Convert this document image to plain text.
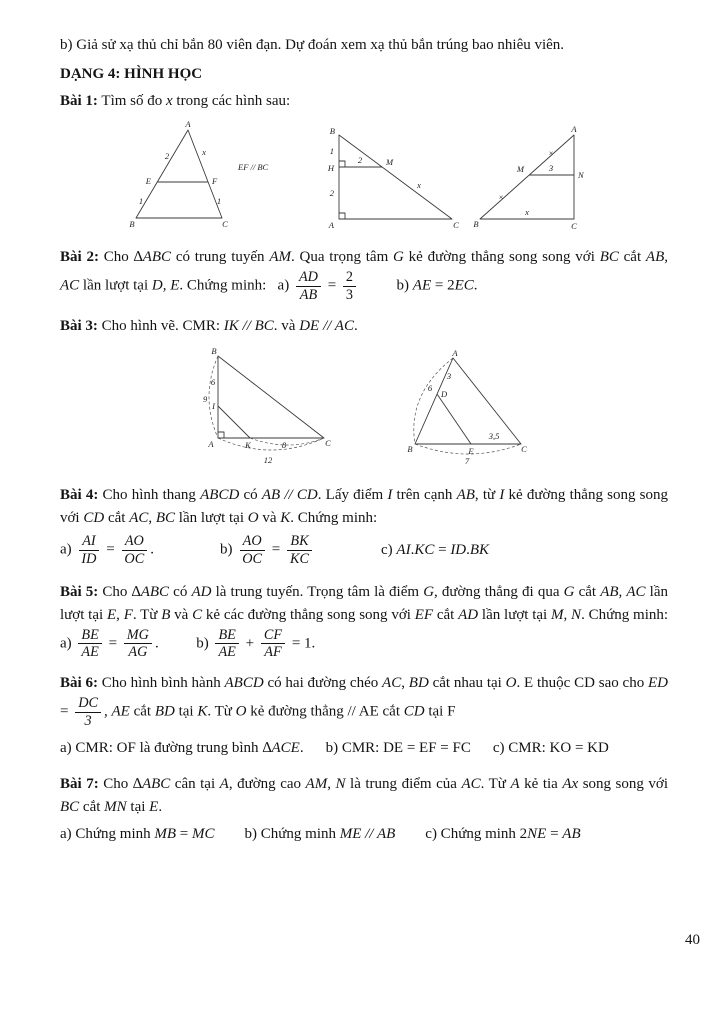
b) Giả sử xạ thủ chỉ bắn 80 viên đạn. Dự đoán xem xạ thủ bắn trúng bao nhiêu viên.

DẠNG 4: HÌNH HỌC

Bài 1: Tìm số đo x trong các hình sau:

A
2	x
E	F
1	1
B	C
EF // BC
B
1
H
2	M
2
x
A	C
×
×
A
M	3
N
B
x
C

Bài 2: Cho ∆ABC có trung tuyến AM. Qua trọng tâm G kẻ đường thẳng song song với BC cắt AB, AC lần lượt tại D, E. Chứng minh:   $a) \frac{AD}{AB} = \frac{2}{3} b$) AE = 2EC.

Bài 3: Cho hình vẽ. CMR: IK // BC. và DE // AC.

B
6
9
I
A	K	8
12
C
A
3
6
D
B	E
3,5
7
C

Bài 4: Cho hình thang ABCD có AB // CD. Lấy điểm I trên cạnh AB, từ I kẻ đường thẳng song song với CD cắt AC, BC lần lượt tại O và K. Chứng minh:

$a) \frac{AI}{ID} = \frac{AO}{OC}$ .	$b) \frac{AO}{OC} = \frac{BK}{KC}$	c) AI.KC = ID.BK

Bài 5: Cho ∆ABC có AD là trung tuyến. Trọng tâm là điểm G, đường thẳng đi qua G cắt AB, AC lần lượt tại E, F. Từ B và C kẻ các đường thẳng song song với EF cắt AD lần lượt tại M, N. Chứng minh: $a) \frac{BE}{AE} = \frac{MG}{AG}$ .          $b) \frac{BE}{AE} + \frac{CF}{AF} = 1$.

Bài 6: Cho hình bình hành ABCD có hai đường chéo AC, BD cắt nhau tại O. E thuộc CD sao cho ED = $\frac{DC}{3}$ , AE cắt BD tại K. Từ O kẻ đường thẳng // AE cắt CD tại F

a) CMR: OF là đường trung bình ∆ACE. b) CMR: DE = EF = FC c) CMR: KO = KD

Bài 7: Cho ∆ABC cân tại A, đường cao AM, N là trung điểm của AC. Từ A kẻ tia Ax song song với BC cắt MN tại E.

a) Chứng minh MB = MC b) Chứng minh ME // AB c) Chứng minh 2NE = AB
40
